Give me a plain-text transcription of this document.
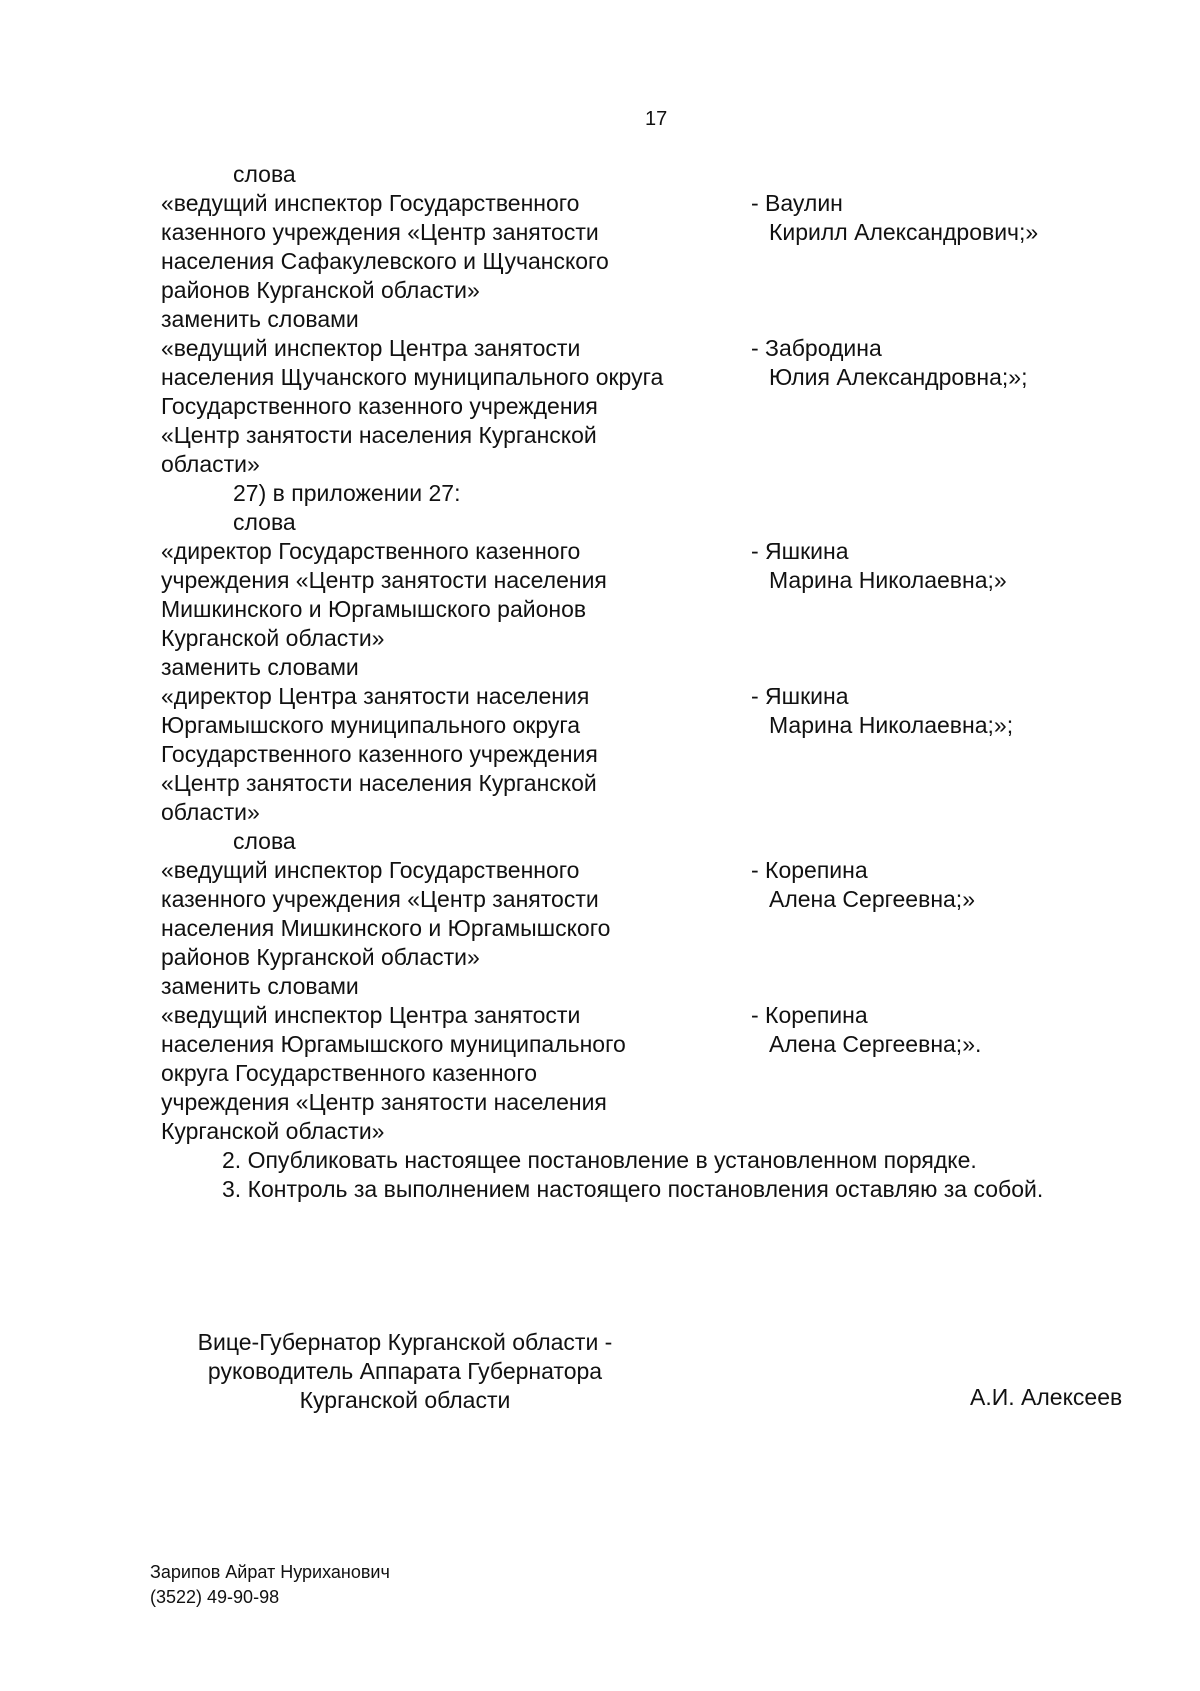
17
слова
«ведущий инспектор Государственного
казенного учреждения «Центр занятости
населения Сафакулевского и Щучанского
районов Курганской области»
- Ваулин
Кирилл Александрович;»
заменить словами
«ведущий инспектор Центра занятости
населения Щучанского муниципального округа
Государственного казенного учреждения
«Центр занятости населения Курганской
области»
- Забродина
Юлия Александровна;»;
27) в приложении 27:
слова
«директор Государственного казенного
учреждения «Центр занятости населения
Мишкинского и Юргамышского районов
Курганской области»
- Яшкина
Марина Николаевна;»
заменить словами
«директор Центра занятости населения
Юргамышского муниципального округа
Государственного казенного учреждения
«Центр занятости населения Курганской
области»
- Яшкина
Марина Николаевна;»;
слова
«ведущий инспектор Государственного
казенного учреждения «Центр занятости
населения Мишкинского и Юргамышского
районов Курганской области»
- Корепина
Алена Сергеевна;»
заменить словами
«ведущий инспектор Центра занятости
населения Юргамышского муниципального
округа Государственного казенного
учреждения «Центр занятости населения
Курганской области»
- Корепина
Алена Сергеевна;».
2. Опубликовать настоящее постановление в установленном порядке.
3. Контроль за выполнением настоящего постановления оставляю за собой.
Вице-Губернатор Курганской области -
руководитель Аппарата Губернатора
Курганской области	А.И. Алексеев
Зарипов Айрат Нуриханович
(3522) 49-90-98
